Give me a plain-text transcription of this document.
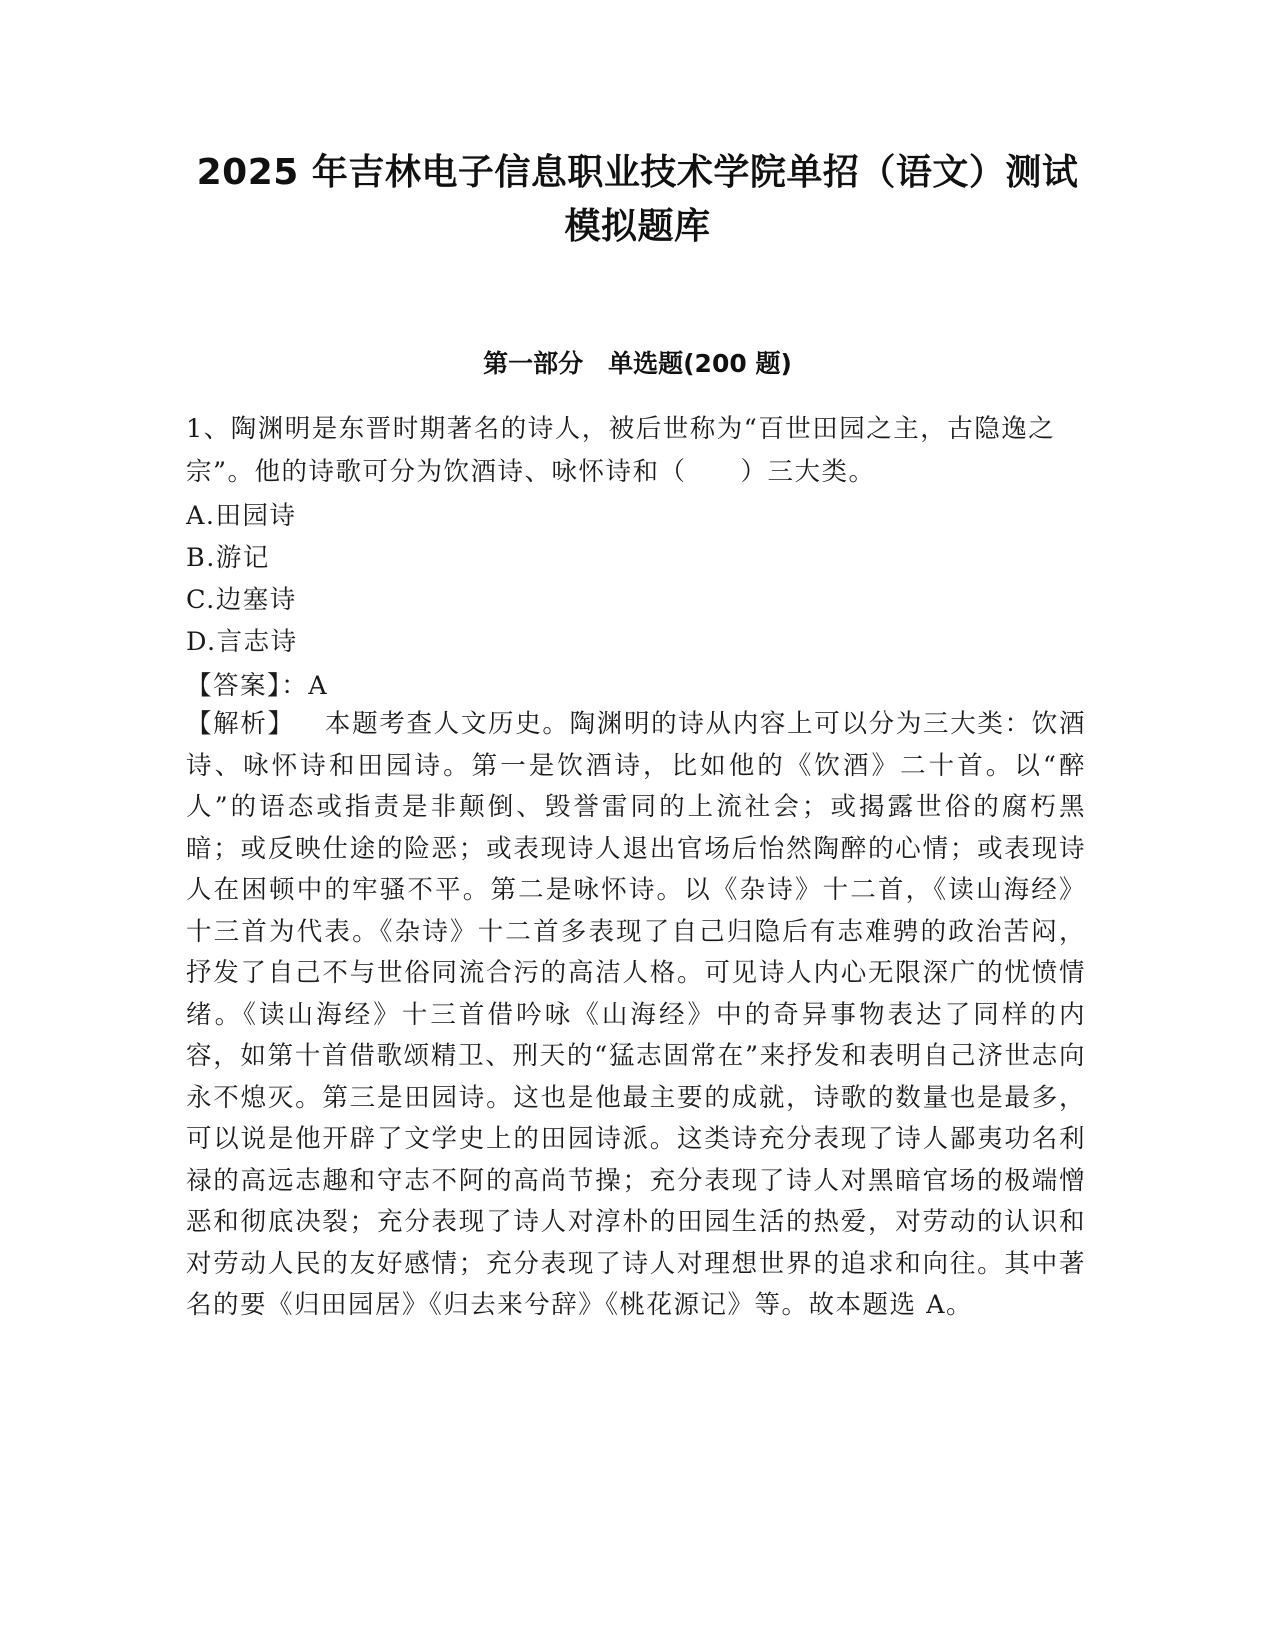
2025 年吉林电子信息职业技术学院单招（语文）测试
模拟题库
第一部分　单选题(200 题)
1、陶渊明是东晋时期著名的诗人，被后世称为“百世田园之主，古隐逸之宗”。他的诗歌可分为饮酒诗、咏怀诗和（　　）三大类。
A.田园诗
B.游记
C.边塞诗
D.言志诗
【答案】：A
【解析】 本题考查人文历史。陶渊明的诗从内容上可以分为三大类：饮酒诗、咏怀诗和田园诗。第一是饮酒诗，比如他的《饮酒》二十首。以“醉人”的语态或指责是非颠倒、毁誉雷同的上流社会；或揭露世俗的腐朽黑暗；或反映仕途的险恶；或表现诗人退出官场后怡然陶醉的心情；或表现诗人在困顿中的牢骚不平。第二是咏怀诗。以《杂诗》十二首，《读山海经》十三首为代表。《杂诗》十二首多表现了自己归隐后有志难骋的政治苦闷，抒发了自己不与世俗同流合污的高洁人格。可见诗人内心无限深广的忧愤情绪。《读山海经》十三首借吟咏《山海经》中的奇异事物表达了同样的内容，如第十首借歌颂精卫、刑天的“猛志固常在”来抒发和表明自己济世志向永不熄灭。第三是田园诗。这也是他最主要的成就，诗歌的数量也是最多，可以说是他开辟了文学史上的田园诗派。这类诗充分表现了诗人鄙夷功名利禄的高远志趣和守志不阿的高尚节操；充分表现了诗人对黑暗官场的极端憎恶和彻底决裂；充分表现了诗人对淳朴的田园生活的热爱，对劳动的认识和对劳动人民的友好感情；充分表现了诗人对理想世界的追求和向往。其中著名的要《归田园居》《归去来兮辞》《桃花源记》等。故本题选 A。
